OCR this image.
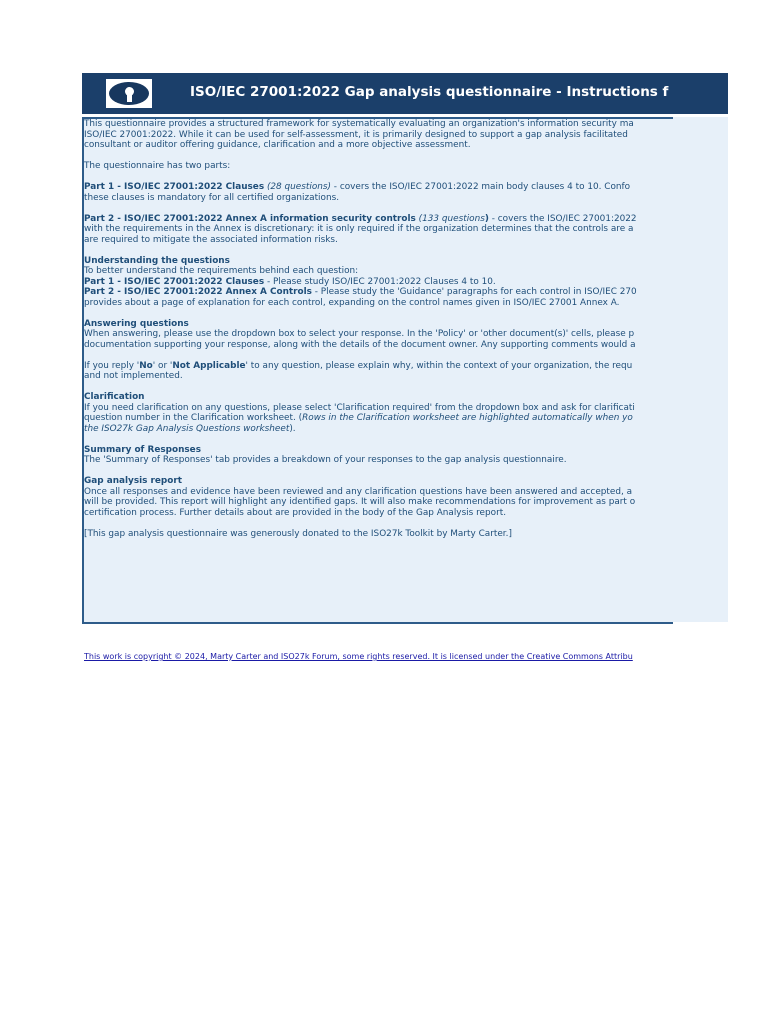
ISO/IEC 27001:2022 Gap analysis questionnaire - Instructions f
This questionnaire provides a structured framework for systematically evaluating an organization's information security ma
ISO/IEC 27001:2022. While it can be used for self-assessment, it is primarily designed to support a gap analysis facilitated
consultant or auditor offering guidance, clarification and a more objective assessment.
The questionnaire has two parts:
Part 1 - ISO/IEC 27001:2022 Clauses (28 questions) - covers the ISO/IEC 27001:2022 main body clauses 4 to 10. Confo
these clauses is mandatory for all certified organizations.
Part 2 - ISO/IEC 27001:2022 Annex A information security controls (133 questions) - covers the ISO/IEC 27001:2022
with the requirements in the Annex is discretionary: it is only required if the organization determines that the controls are a
are required to mitigate the associated information risks.
Understanding the questions
To better understand the requirements behind each question:
Part 1 - ISO/IEC 27001:2022 Clauses - Please study ISO/IEC 27001:2022 Clauses 4 to 10.
Part 2 - ISO/IEC 27001:2022 Annex A Controls - Please study the 'Guidance' paragraphs for each control in ISO/IEC 270
provides about a page of explanation for each control, expanding on the control names given in ISO/IEC 27001 Annex A.
Answering questions
When answering, please use the dropdown box to select your response. In the 'Policy' or 'other document(s)' cells, please p
documentation supporting your response, along with the details of the document owner. Any supporting comments would a
If you reply 'No' or 'Not Applicable' to any question, please explain why, within the context of your organization, the requ
and not implemented.
Clarification
If you need clarification on any questions, please select 'Clarification required' from the dropdown box and ask for clarificati
question number in the Clarification worksheet. (Rows in the Clarification worksheet are highlighted automatically when yo
the ISO27k Gap Analysis Questions worksheet).
Summary of Responses
The 'Summary of Responses' tab provides a breakdown of your responses to the gap analysis questionnaire.
Gap analysis report
Once all responses and evidence have been reviewed and any clarification questions have been answered and accepted, a
will be provided. This report will highlight any identified gaps. It will also make recommendations for improvement as part o
certification process. Further details about are provided in the body of the Gap Analysis report.
[This gap analysis questionnaire was generously donated to the ISO27k Toolkit by Marty Carter.]
This work is copyright © 2024, Marty Carter and ISO27k Forum, some rights reserved. It is licensed under the Creative Commons Attribu
